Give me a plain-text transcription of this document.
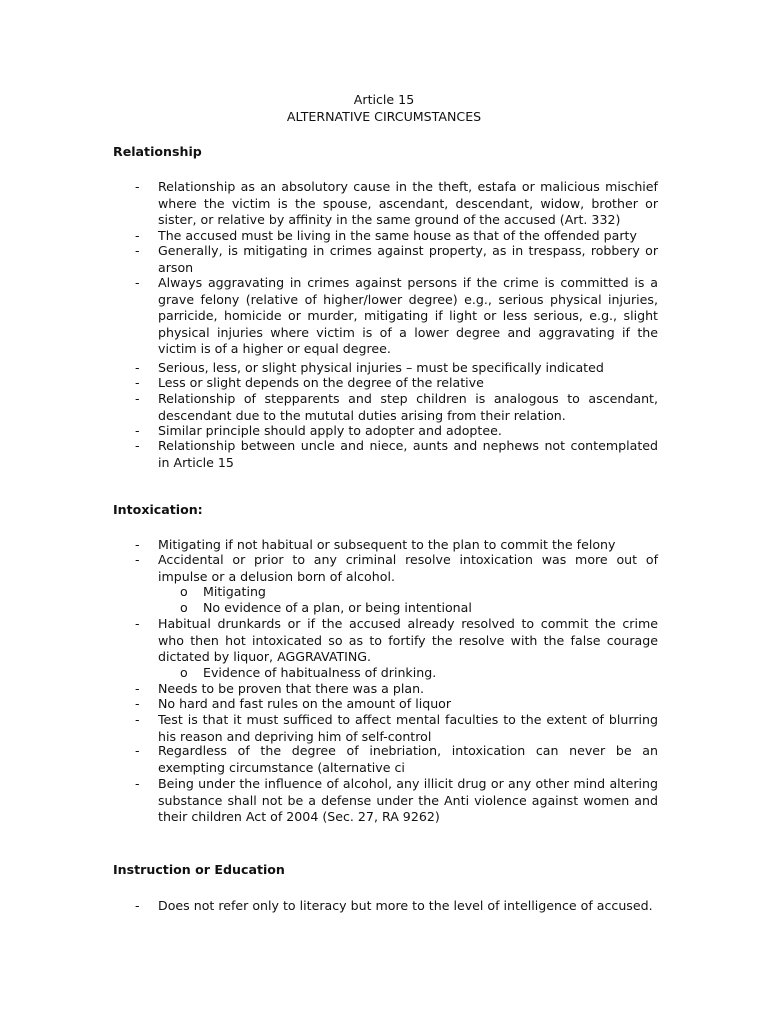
Article 15
ALTERNATIVE CIRCUMSTANCES
Relationship
- Relationship as an absolutory cause in the theft, estafa or malicious mischief where the victim is the spouse, ascendant, descendant, widow, brother or sister, or relative by affinity in the same ground of the accused (Art. 332)
- The accused must be living in the same house as that of the offended party
- Generally, is mitigating in crimes against property, as in trespass, robbery or arson
- Always aggravating in crimes against persons if the crime is committed is a grave felony (relative of higher/lower degree) e.g., serious physical injuries, parricide, homicide or murder, mitigating if light or less serious, e.g., slight physical injuries where victim is of a lower degree and aggravating if the victim is of a higher or equal degree.
- Serious, less, or slight physical injuries – must be specifically indicated
- Less or slight depends on the degree of the relative
- Relationship of stepparents and step children is analogous to ascendant, descendant due to the mututal duties arising from their relation.
- Similar principle should apply to adopter and adoptee.
- Relationship between uncle and niece, aunts and nephews not contemplated in Article 15
Intoxication:
- Mitigating if not habitual or subsequent to the plan to commit the felony
- Accidental or prior to any criminal resolve intoxication was more out of impulse or a delusion born of alcohol.
o Mitigating
o No evidence of a plan, or being intentional
- Habitual drunkards or if the accused already resolved to commit the crime who then hot intoxicated so as to fortify the resolve with the false courage dictated by liquor, AGGRAVATING.
o Evidence of habitualness of drinking.
- Needs to be proven that there was a plan.
- No hard and fast rules on the amount of liquor
- Test is that it must sufficed to affect mental faculties to the extent of blurring his reason and depriving him of self-control
- Regardless of the degree of inebriation, intoxication can never be an exempting circumstance (alternative ci
- Being under the influence of alcohol, any illicit drug or any other mind altering substance shall not be a defense under the Anti violence against women and their children Act of 2004 (Sec. 27, RA 9262)
Instruction or Education
- Does not refer only to literacy but more to the level of intelligence of accused.
